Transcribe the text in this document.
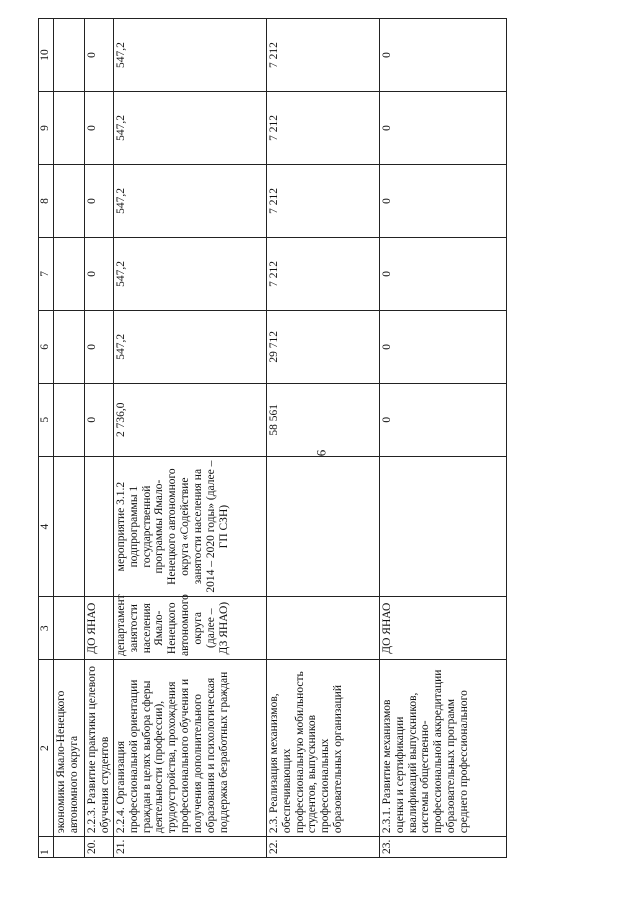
6
1	2	3	4	5	6	7	8	9	10
	экономики Ямало-Ненецкого автономного округа								
20.	2.2.3. Развитие практики целевого обучения студентов	ДО ЯНАО		0	0	0	0	0	0
21.	2.2.4. Организация профессиональной ориентации граждан в целях выбора сферы деятельности (профессии), трудоустройства, прохождения профессионального обучения и получения дополнительного образования и психологическая поддержка безработных граждан	департамент занятости населения Ямало-Ненецкого автономного округа (далее – ДЗ ЯНАО)	мероприятие 3.1.2 подпрограммы 1 государственной программы Ямало-Ненецкого автономного округа «Содействие занятости населения на 2014 – 2020 годы» (далее – ГП СЗН)	2 736,0	547,2	547,2	547,2	547,2	547,2
22.	2.3. Реализация механизмов, обеспечивающих профессиональную мобильность студентов, выпускников профессиональных образовательных организаций			58 561	29 712	7 212	7 212	7 212	7 212
23.	2.3.1. Развитие механизмов оценки и сертификации квалификаций выпускников, системы общественно-профессиональной аккредитации образовательных программ среднего профессионального	ДО ЯНАО		0	0	0	0	0	0
